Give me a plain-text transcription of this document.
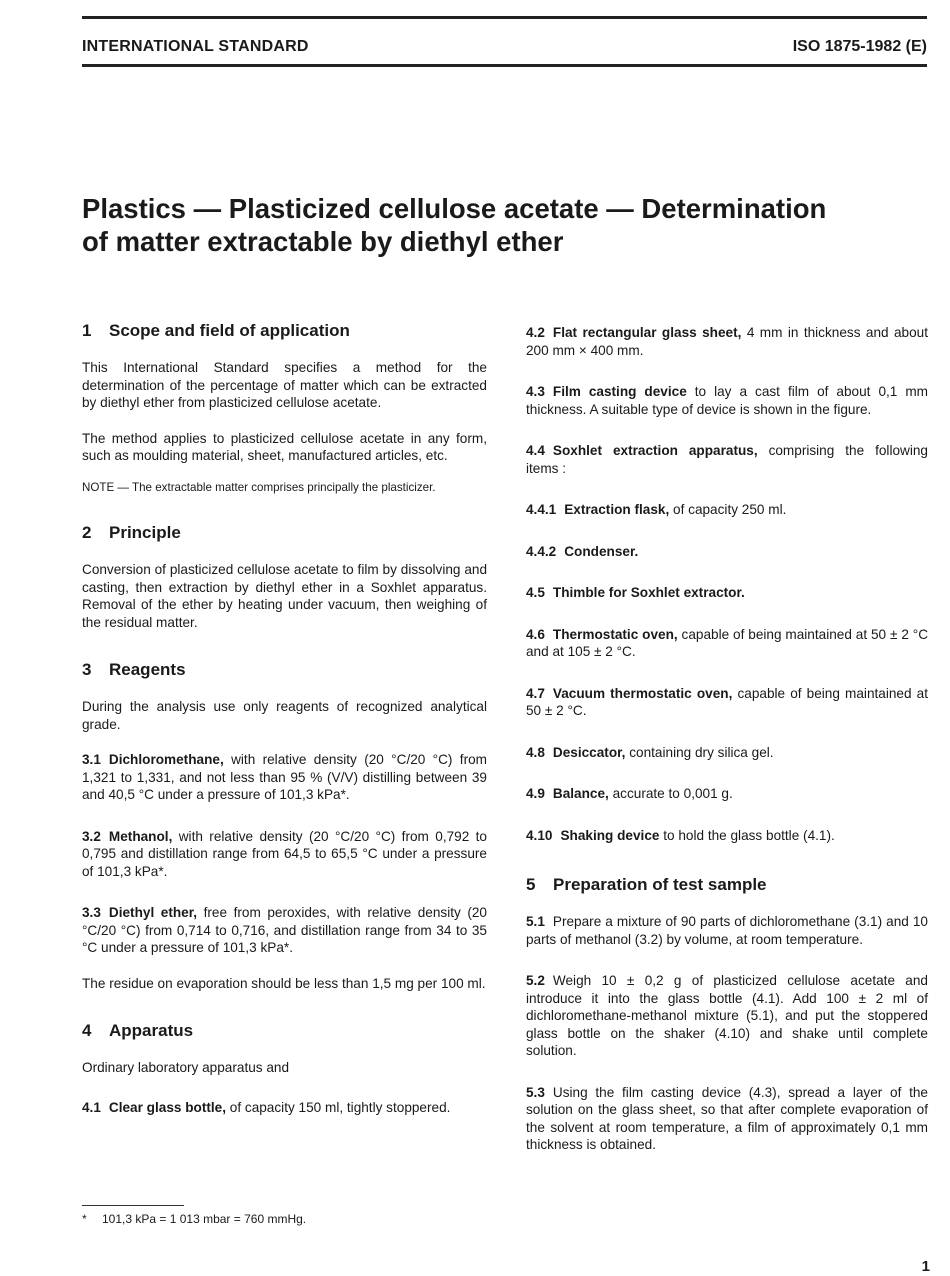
INTERNATIONAL STANDARD	ISO 1875-1982 (E)
Plastics — Plasticized cellulose acetate — Determination
of matter extractable by diethyl ether
1 Scope and field of application

This International Standard specifies a method for the determination of the percentage of matter which can be extracted by diethyl ether from plasticized cellulose acetate.

The method applies to plasticized cellulose acetate in any form, such as moulding material, sheet, manufactured articles, etc.

NOTE — The extractable matter comprises principally the plasticizer.

2 Principle

Conversion of plasticized cellulose acetate to film by dissolving and casting, then extraction by diethyl ether in a Soxhlet apparatus. Removal of the ether by heating under vacuum, then weighing of the residual matter.

3 Reagents

During the analysis use only reagents of recognized analytical grade.

3.1 Dichloromethane, with relative density (20 °C/20 °C) from 1,321 to 1,331, and not less than 95 % (V/V) distilling between 39 and 40,5 °C under a pressure of 101,3 kPa*.

3.2 Methanol, with relative density (20 °C/20 °C) from 0,792 to 0,795 and distillation range from 64,5 to 65,5 °C under a pressure of 101,3 kPa*.

3.3 Diethyl ether, free from peroxides, with relative density (20 °C/20 °C) from 0,714 to 0,716, and distillation range from 34 to 35 °C under a pressure of 101,3 kPa*.

The residue on evaporation should be less than 1,5 mg per 100 ml.

4 Apparatus

Ordinary laboratory apparatus and

4.1 Clear glass bottle, of capacity 150 ml, tightly stoppered.

4.2 Flat rectangular glass sheet, 4 mm in thickness and about 200 mm × 400 mm.

4.3 Film casting device to lay a cast film of about 0,1 mm thickness. A suitable type of device is shown in the figure.

4.4 Soxhlet extraction apparatus, comprising the following items :

4.4.1 Extraction flask, of capacity 250 ml.

4.4.2 Condenser.

4.5 Thimble for Soxhlet extractor.

4.6 Thermostatic oven, capable of being maintained at 50 ± 2 °C and at 105 ± 2 °C.

4.7 Vacuum thermostatic oven, capable of being maintained at 50 ± 2 °C.

4.8 Desiccator, containing dry silica gel.

4.9 Balance, accurate to 0,001 g.

4.10 Shaking device to hold the glass bottle (4.1).

5 Preparation of test sample

5.1 Prepare a mixture of 90 parts of dichloromethane (3.1) and 10 parts of methanol (3.2) by volume, at room temperature.

5.2 Weigh 10 ± 0,2 g of plasticized cellulose acetate and introduce it into the glass bottle (4.1). Add 100 ± 2 ml of dichloromethane-methanol mixture (5.1), and put the stoppered glass bottle on the shaker (4.10) and shake until complete solution.

5.3 Using the film casting device (4.3), spread a layer of the solution on the glass sheet, so that after complete evaporation of the solvent at room temperature, a film of approximately 0,1 mm thickness is obtained.

* 101,3 kPa = 1 013 mbar = 760 mmHg.
1
